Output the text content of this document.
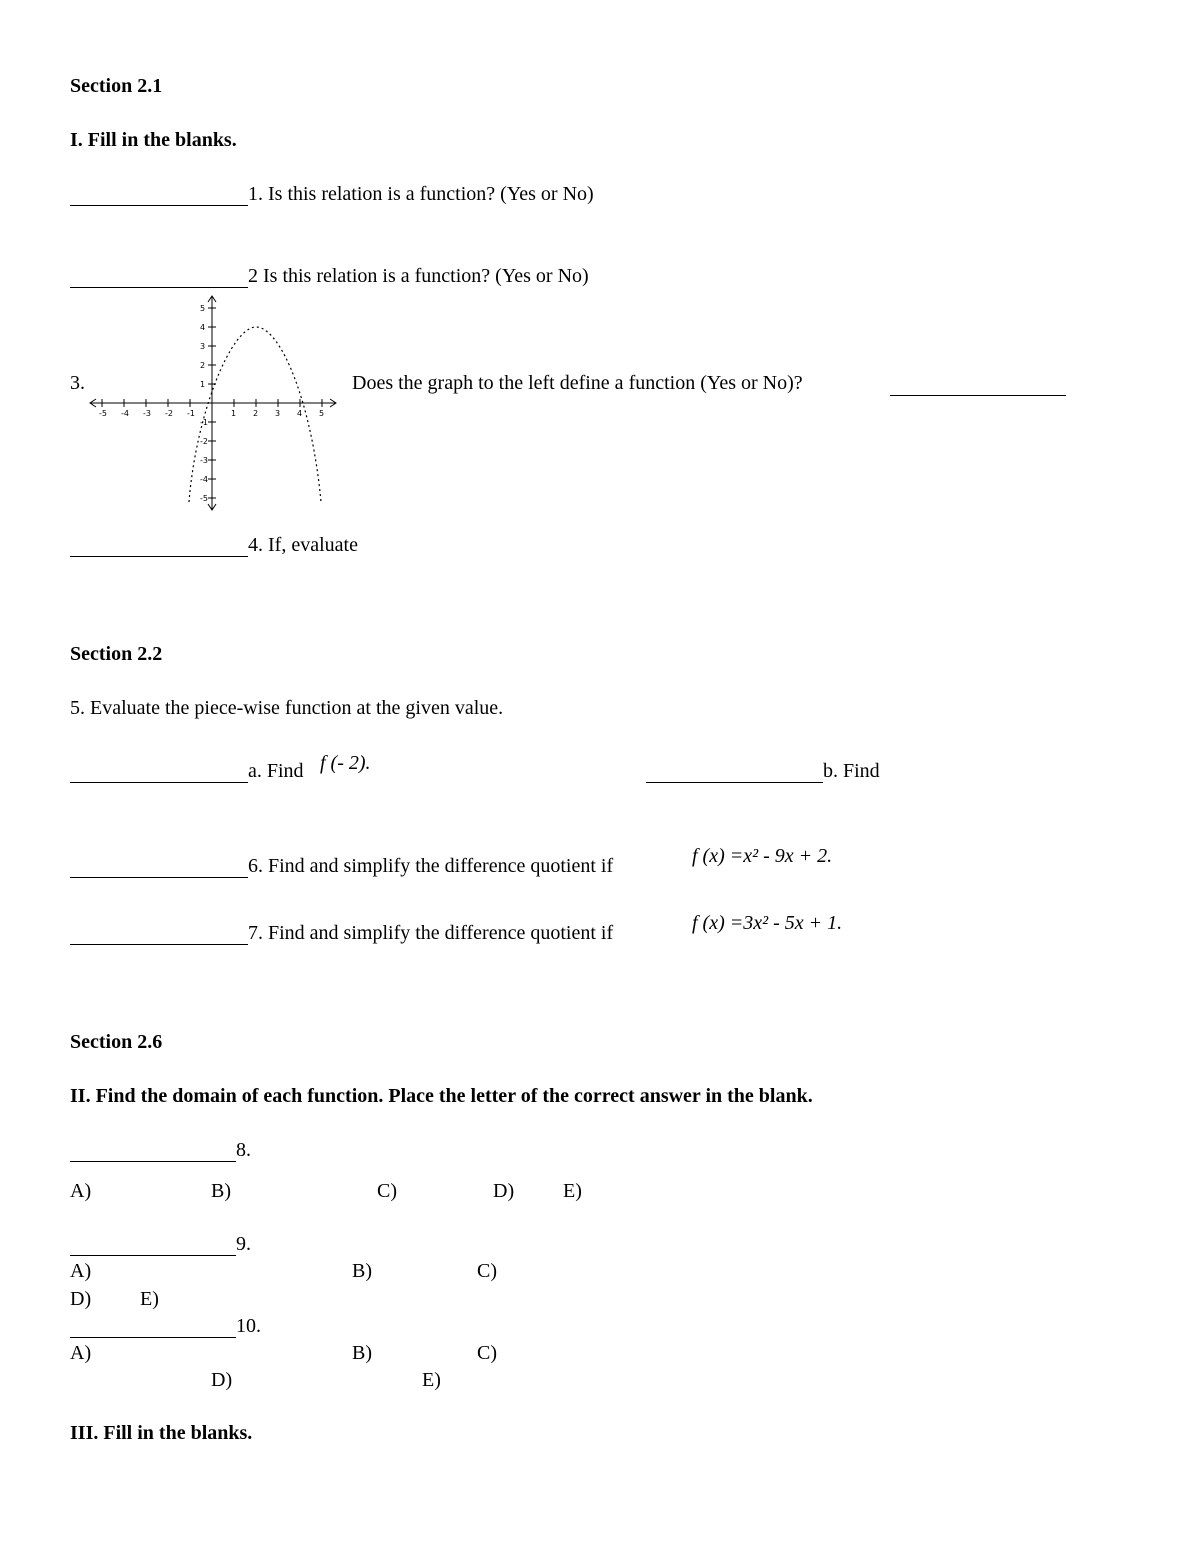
Section 2.1
I. Fill in the blanks.
1. Is this relation is a function? (Yes or No)
2 Is this relation is a function? (Yes or No)
3.
-5 -4 -3 -2 -1	1 2 3 4 5
5
4
3
2
1
-1
-2
-3
-4
-5
Does the graph to the left define a function (Yes or No)?
4. If, evaluate
Section 2.2
5. Evaluate the piece-wise function at the given value.
a. Find f (- 2).	b. Find
6. Find and simplify the difference quotient if	f (x) =x² - 9x + 2.
7. Find and simplify the difference quotient if	f (x) =3x² - 5x + 1.
Section 2.6
II. Find the domain of each function. Place the letter of the correct answer in the blank.
8.
A)	B)	C)	D) E)
9.
A)	B)	C)
D) E)
10.
A)	B)	C)
D)	E)
III. Fill in the blanks.
